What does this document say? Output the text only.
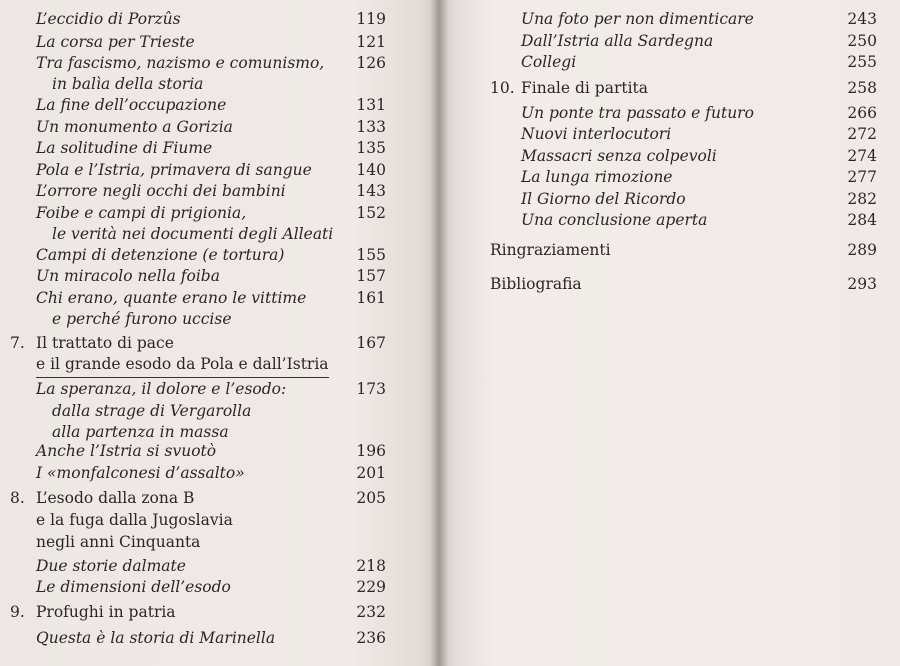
L’eccidio di Porzûs	119
La corsa per Trieste	121
Tra fascismo, nazismo e comunismo,	126
in balìa della storia
La fine dell’occupazione	131
Un monumento a Gorizia	133
La solitudine di Fiume	135
Pola e l’Istria, primavera di sangue	140
L’orrore negli occhi dei bambini	143
Foibe e campi di prigionia,	152
le verità nei documenti degli Alleati
Campi di detenzione (e tortura)	155
Un miracolo nella foiba	157
Chi erano, quante erano le vittime	161
e perché furono uccise
7. Il trattato di pace	167
e il grande esodo da Pola e dall’Istria
La speranza, il dolore e l’esodo:	173
dalla strage di Vergarolla
alla partenza in massa
Anche l’Istria si svuotò	196
I «monfalconesi d’assalto»	201
8. L’esodo dalla zona B	205
e la fuga dalla Jugoslavia
negli anni Cinquanta
Due storie dalmate	218
Le dimensioni dell’esodo	229
9. Profughi in patria	232
Questa è la storia di Marinella	236
Una foto per non dimenticare	243
Dall’Istria alla Sardegna	250
Collegi	255
10. Finale di partita	258
Un ponte tra passato e futuro	266
Nuovi interlocutori	272
Massacri senza colpevoli	274
La lunga rimozione	277
Il Giorno del Ricordo	282
Una conclusione aperta	284
Ringraziamenti	289
Bibliografia	293
